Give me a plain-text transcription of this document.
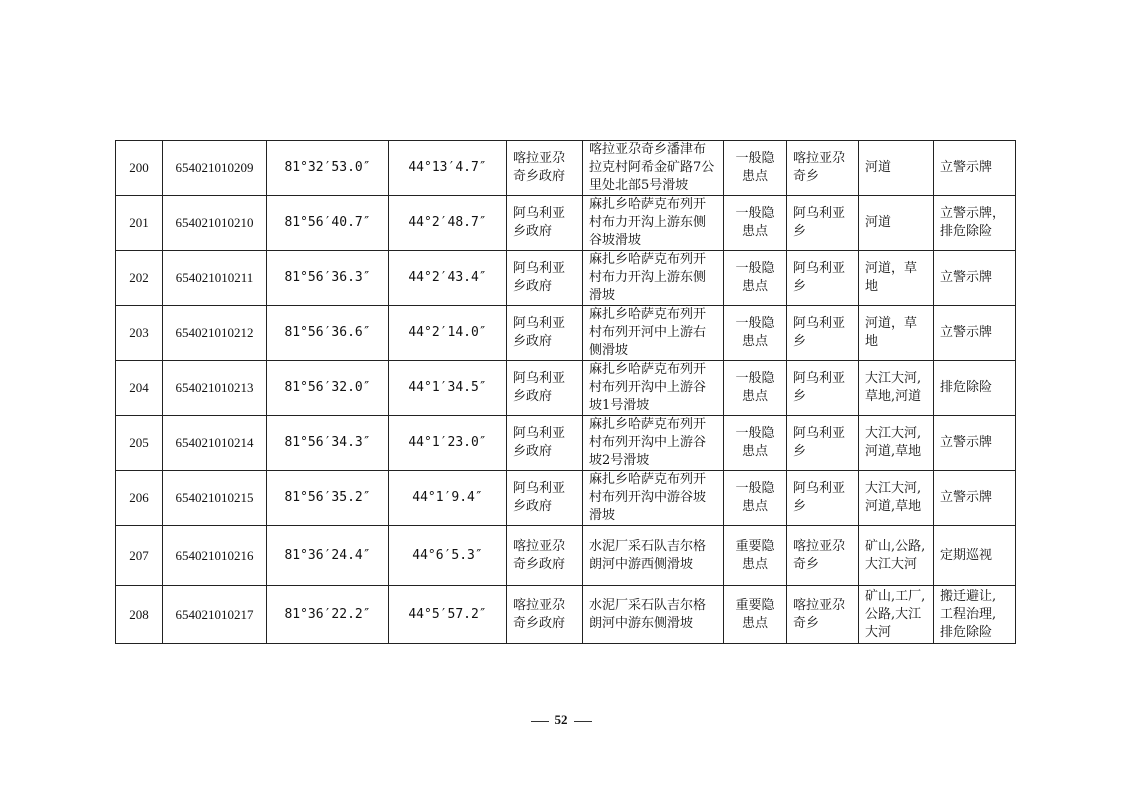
200	654021010209	81°32′53.0″	44°13′4.7″	喀拉亚尕奇乡政府	喀拉亚尕奇乡潘津布拉克村阿希金矿路7公里处北部5号滑坡	一般隐患点	喀拉亚尕奇乡	河道	立警示牌
201	654021010210	81°56′40.7″	44°2′48.7″	阿乌利亚乡政府	麻扎乡哈萨克布列开村布力开沟上游东侧谷坡滑坡	一般隐患点	阿乌利亚乡	河道	立警示牌，排危除险
202	654021010211	81°56′36.3″	44°2′43.4″	阿乌利亚乡政府	麻扎乡哈萨克布列开村布力开沟上游东侧滑坡	一般隐患点	阿乌利亚乡	河道，草地	立警示牌
203	654021010212	81°56′36.6″	44°2′14.0″	阿乌利亚乡政府	麻扎乡哈萨克布列开村布列开河中上游右侧滑坡	一般隐患点	阿乌利亚乡	河道，草地	立警示牌
204	654021010213	81°56′32.0″	44°1′34.5″	阿乌利亚乡政府	麻扎乡哈萨克布列开村布列开沟中上游谷坡1号滑坡	一般隐患点	阿乌利亚乡	大江大河,草地,河道	排危除险
205	654021010214	81°56′34.3″	44°1′23.0″	阿乌利亚乡政府	麻扎乡哈萨克布列开村布列开沟中上游谷坡2号滑坡	一般隐患点	阿乌利亚乡	大江大河,河道,草地	立警示牌
206	654021010215	81°56′35.2″	44°1′9.4″	阿乌利亚乡政府	麻扎乡哈萨克布列开村布列开沟中游谷坡滑坡	一般隐患点	阿乌利亚乡	大江大河,河道,草地	立警示牌
207	654021010216	81°36′24.4″	44°6′5.3″	喀拉亚尕奇乡政府	水泥厂采石队吉尔格朗河中游西侧滑坡	重要隐患点	喀拉亚尕奇乡	矿山,公路,大江大河	定期巡视
208	654021010217	81°36′22.2″	44°5′57.2″	喀拉亚尕奇乡政府	水泥厂采石队吉尔格朗河中游东侧滑坡	重要隐患点	喀拉亚尕奇乡	矿山,工厂,公路,大江大河	搬迁避让,工程治理,排危除险
52
